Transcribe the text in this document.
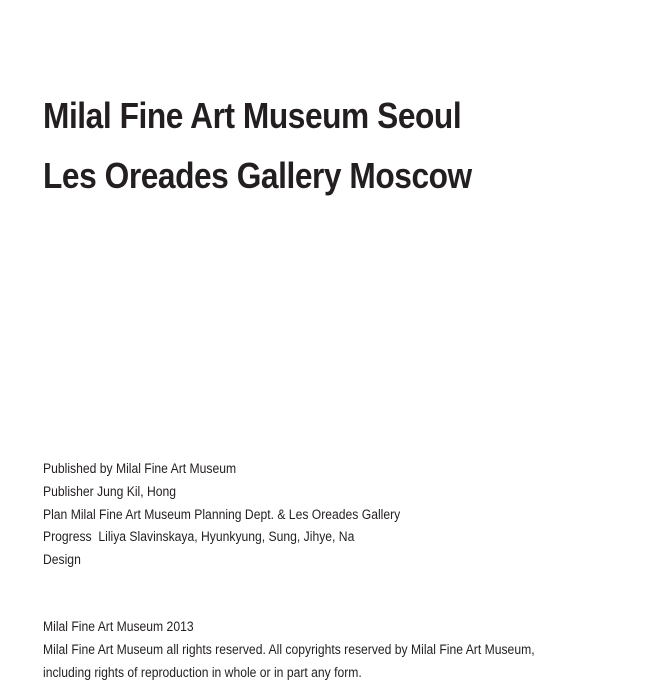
Milal Fine Art Museum Seoul
Les Oreades Gallery Moscow
Published by Milal Fine Art Museum
Publisher Jung Kil, Hong
Plan Milal Fine Art Museum Planning Dept. & Les Oreades Gallery
Progress  Liliya Slavinskaya, Hyunkyung, Sung, Jihye, Na
Design
Milal Fine Art Museum 2013
Milal Fine Art Museum all rights reserved. All copyrights reserved by Milal Fine Art Museum,
including rights of reproduction in whole or in part any form.
